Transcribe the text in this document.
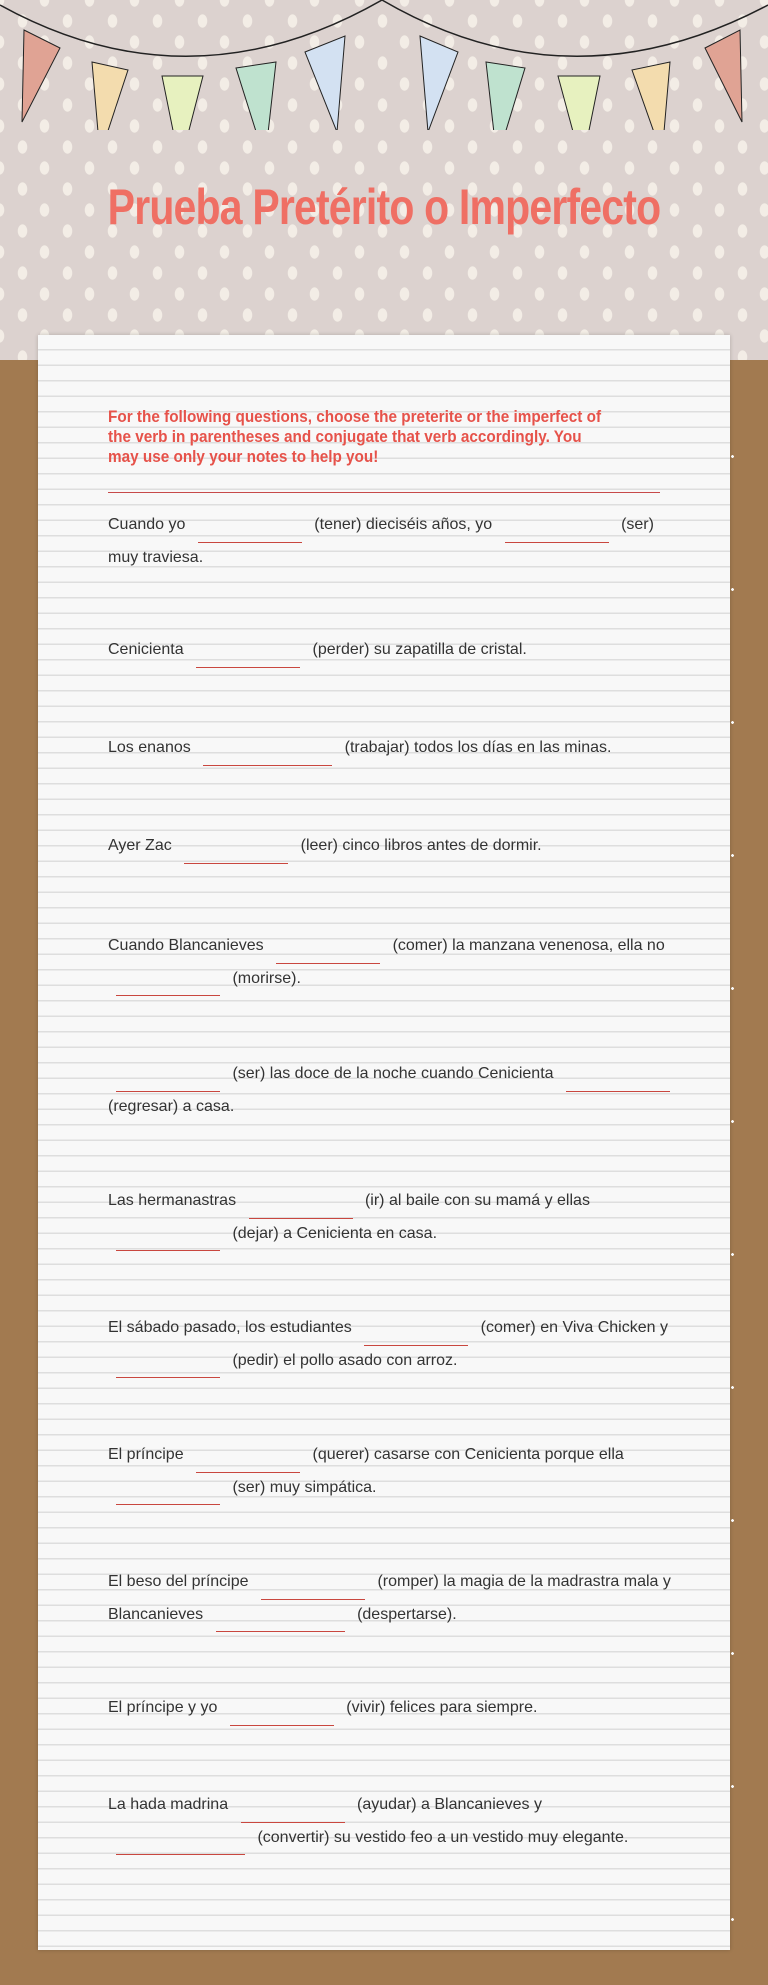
Prueba Pretérito o Imperfecto
For the following questions, choose the preterite or the imperfect of the verb in parentheses and conjugate that verb accordingly. You may use only your notes to help you!
Cuando yo	(tener) dieciséis años, yo	(ser) muy traviesa.
Cenicienta	(perder) su zapatilla de cristal.
Los enanos	(trabajar) todos los días en las minas.
Ayer Zac	(leer) cinco libros antes de dormir.
Cuando Blancanieves	(comer) la manzana venenosa, ella no  (morirse).
(ser) las doce de la noche cuando Cenicienta  (regresar) a casa.
Las hermanastras	(ir) al baile con su mamá y ellas  (dejar) a Cenicienta en casa.
El sábado pasado, los estudiantes	(comer) en Viva Chicken y  (pedir) el pollo asado con arroz.
El príncipe	(querer) casarse con Cenicienta porque ella  (ser) muy simpática.
El beso del príncipe	(romper) la magia de la madrastra mala y Blancanieves	(despertarse).
El príncipe y yo	(vivir) felices para siempre.
La hada madrina	(ayudar) a Blancanieves y  (convertir) su vestido feo a un vestido muy elegante.
